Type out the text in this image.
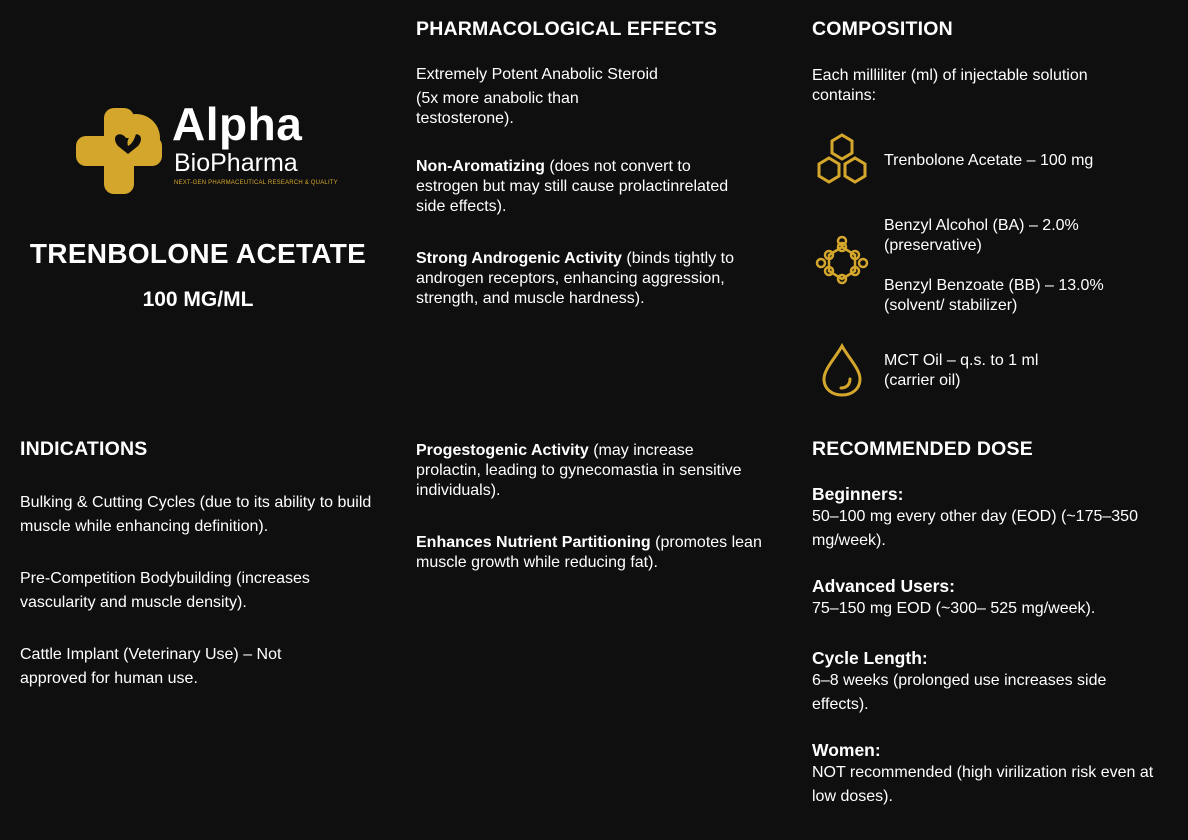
Alpha
BioPharma
NEXT-GEN PHARMACEUTICAL RESEARCH & QUALITY
TRENBOLONE ACETATE
100 MG/ML
PHARMACOLOGICAL EFFECTS
Extremely Potent Anabolic Steroid
(5x more anabolic than testosterone).
Non-Aromatizing (does not convert to estrogen but may still cause prolactinrelated side effects).
Strong Androgenic Activity (binds tightly to androgen receptors, enhancing aggression, strength, and muscle hardness).
Progestogenic Activity (may increase prolactin, leading to gynecomastia in sensitive individuals).
Enhances Nutrient Partitioning (promotes lean muscle growth while reducing fat).
COMPOSITION
Each milliliter (ml) of injectable solution contains:
Trenbolone Acetate – 100 mg
Benzyl Alcohol (BA) – 2.0%
(preservative)
Benzyl Benzoate (BB) – 13.0%
(solvent/ stabilizer)
MCT Oil – q.s. to 1 ml
(carrier oil)
INDICATIONS
Bulking & Cutting Cycles (due to its ability to build muscle while enhancing definition).
Pre-Competition Bodybuilding (increases vascularity and muscle density).
Cattle Implant (Veterinary Use) – Not approved for human use.
RECOMMENDED DOSE
Beginners:
50–100 mg every other day (EOD) (~175–350 mg/week).
Advanced Users:
75–150 mg EOD (~300– 525 mg/week).
Cycle Length:
6–8 weeks (prolonged use increases side effects).
Women:
NOT recommended (high virilization risk even at low doses).
